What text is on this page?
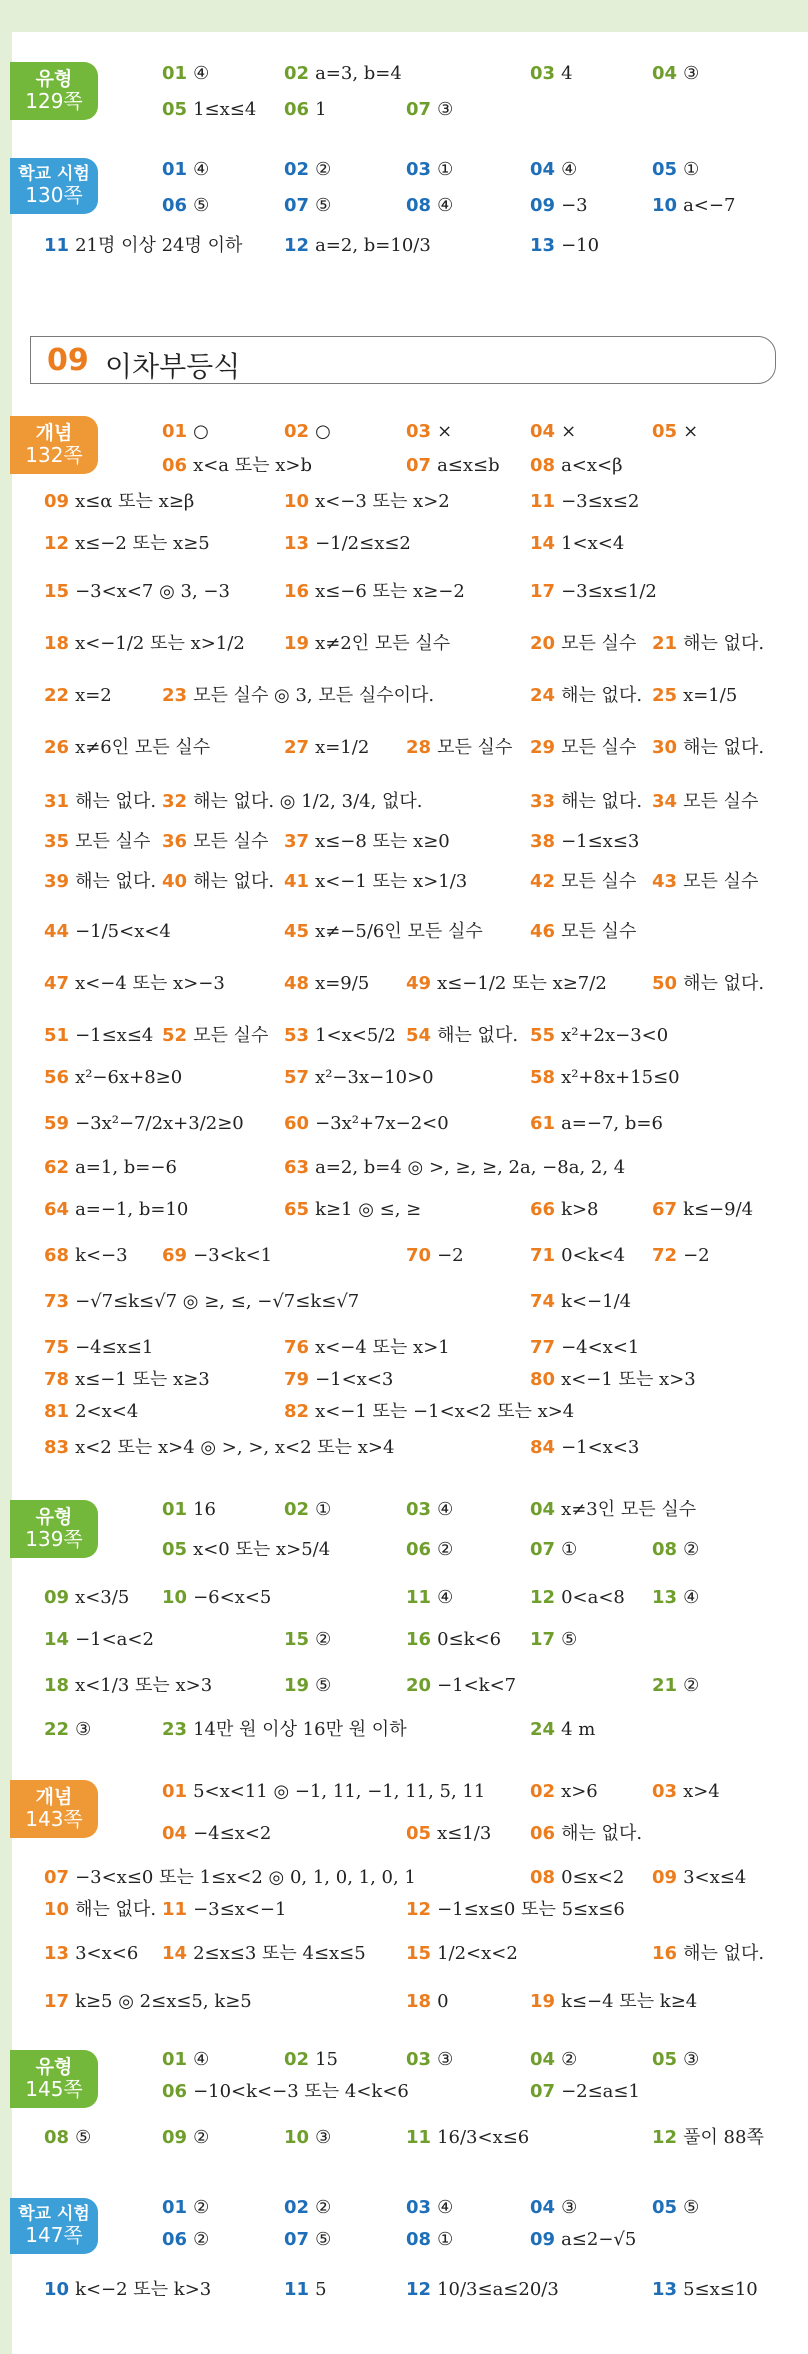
09 이차부등식
유형
129쪽
01 ④	02 a=3, b=4	03 4	04 ③
05 1≤x≤4 06 1	07 ③
학교 시험
130쪽
01 ④	02 ②	03 ①	04 ④	05 ①
06 ⑤	07 ⑤	08 ④	09 −3	10 a<−7
11 21명 이상 24명 이하 12 a=2, b=10/3	13 −10
개념
132쪽
01 ○	02 ○	03 ×	04 ×	05 ×
06 x<a 또는 x>b	07 a≤x≤b 08 a<x<β
09 x≤α 또는 x≥β	10 x<−3 또는 x>2	11 −3≤x≤2
12 x≤−2 또는 x≥5	13 −1/2≤x≤2	14 1<x<4
15 −3<x<7 ◎ 3, −3	16 x≤−6 또는 x≥−2	17 −3≤x≤1/2
18 x<−1/2 또는 x>1/2 19 x≠2인 모든 실수	20 모든 실수 21 해는 없다.
22 x=2	23 모든 실수 ◎ 3, 모든 실수이다.	24 해는 없다. 25 x=1/5
26 x≠6인 모든 실수	27 x=1/2 28 모든 실수 29 모든 실수 30 해는 없다.
31 해는 없다. 32 해는 없다. ◎ 1/2, 3/4, 없다.	33 해는 없다. 34 모든 실수
35 모든 실수 36 모든 실수 37 x≤−8 또는 x≥0	38 −1≤x≤3
39 해는 없다. 40 해는 없다. 41 x<−1 또는 x>1/3	42 모든 실수 43 모든 실수
44 −1/5<x<4	45 x≠−5/6인 모든 실수	46 모든 실수
47 x<−4 또는 x>−3	48 x=9/5 49 x≤−1/2 또는 x≥7/2	50 해는 없다.
51 −1≤x≤4 52 모든 실수 53 1<x<5/2 54 해는 없다. 55 x²+2x−3<0
56 x²−6x+8≥0	57 x²−3x−10>0	58 x²+8x+15≤0
59 −3x²−7/2x+3/2≥0 60 −3x²+7x−2<0	61 a=−7, b=6
62 a=1, b=−6	63 a=2, b=4 ◎ >, ≥, ≥, 2a, −8a, 2, 4
64 a=−1, b=10	65 k≥1 ◎ ≤, ≥	66 k>8	67 k≤−9/4
68 k<−3 69 −3<k<1	70 −2	71 0<k<4 72 −2
73 −√7≤k≤√7 ◎ ≥, ≤, −√7≤k≤√7	74 k<−1/4
75 −4≤x≤1	76 x<−4 또는 x>1	77 −4<x<1
78 x≤−1 또는 x≥3	79 −1<x<3	80 x<−1 또는 x>3
81 2<x<4	82 x<−1 또는 −1<x<2 또는 x>4
83 x<2 또는 x>4 ◎ >, >, x<2 또는 x>4	84 −1<x<3
유형
139쪽
01 16	02 ①	03 ④	04 x≠3인 모든 실수
05 x<0 또는 x>5/4	06 ②	07 ①	08 ②
09 x<3/5 10 −6<x<5	11 ④	12 0<a<8 13 ④
14 −1<a<2	15 ②	16 0≤k<6 17 ⑤
18 x<1/3 또는 x>3	19 ⑤	20 −1<k<7	21 ②
22 ③	23 14만 원 이상 16만 원 이하	24 4 m
개념
143쪽
01 5<x<11 ◎ −1, 11, −1, 11, 5, 11 02 x>6	03 x>4
04 −4≤x<2	05 x≤1/3 06 해는 없다.
07 −3<x≤0 또는 1≤x<2 ◎ 0, 1, 0, 1, 0, 1	08 0≤x<2 09 3<x≤4
10 해는 없다. 11 −3≤x<−1	12 −1≤x≤0 또는 5≤x≤6
13 3<x<6 14 2≤x≤3 또는 4≤x≤5 15 1/2<x<2	16 해는 없다.
17 k≥5 ◎ 2≤x≤5, k≥5	18 0	19 k≤−4 또는 k≥4
유형
145쪽
01 ④	02 15	03 ③	04 ②	05 ③
06 −10<k<−3 또는 4<k<6	07 −2≤a≤1
08 ⑤	09 ②	10 ③	11 16/3<x≤6	12 풀이 88쪽
학교 시험
147쪽
01 ②	02 ②	03 ④	04 ③	05 ⑤
06 ②	07 ⑤	08 ①	09 a≤2−√5
10 k<−2 또는 k>3	11 5	12 10/3≤a≤20/3	13 5≤x≤10
